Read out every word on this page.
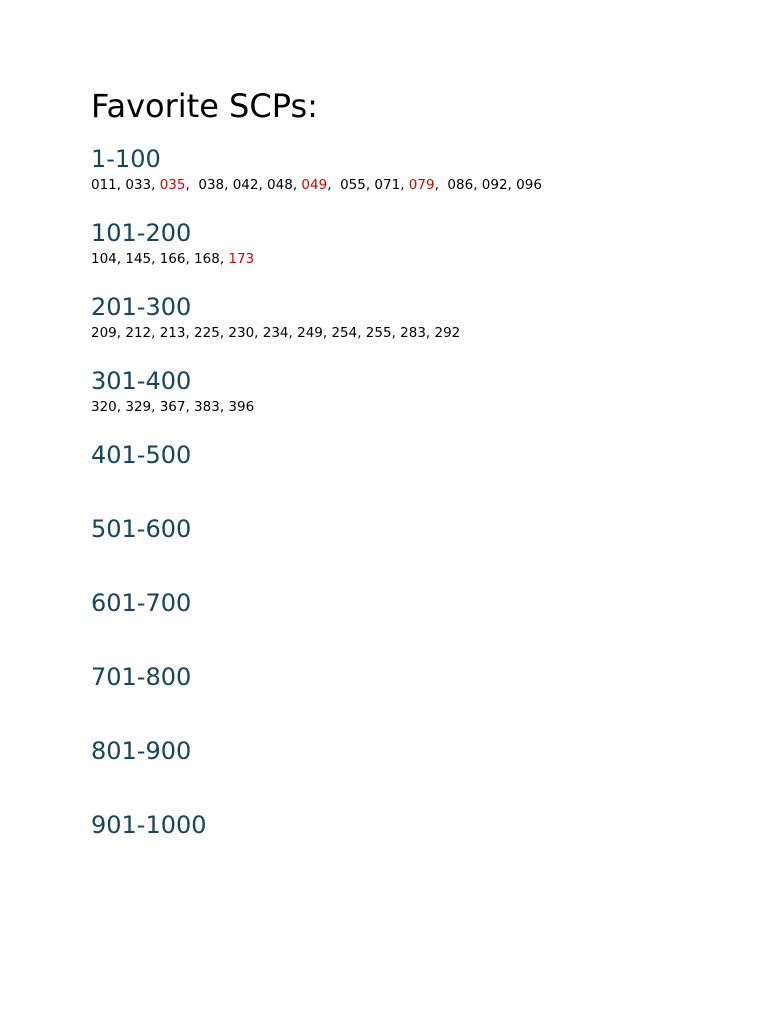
Favorite SCPs:
1-100
011, 033, 035,  038, 042, 048, 049,  055, 071, 079,  086, 092, 096
101-200
104, 145, 166, 168, 173
201-300
209, 212, 213, 225, 230, 234, 249, 254, 255, 283, 292
301-400
320, 329, 367, 383, 396
401-500
501-600
601-700
701-800
801-900
901-1000
